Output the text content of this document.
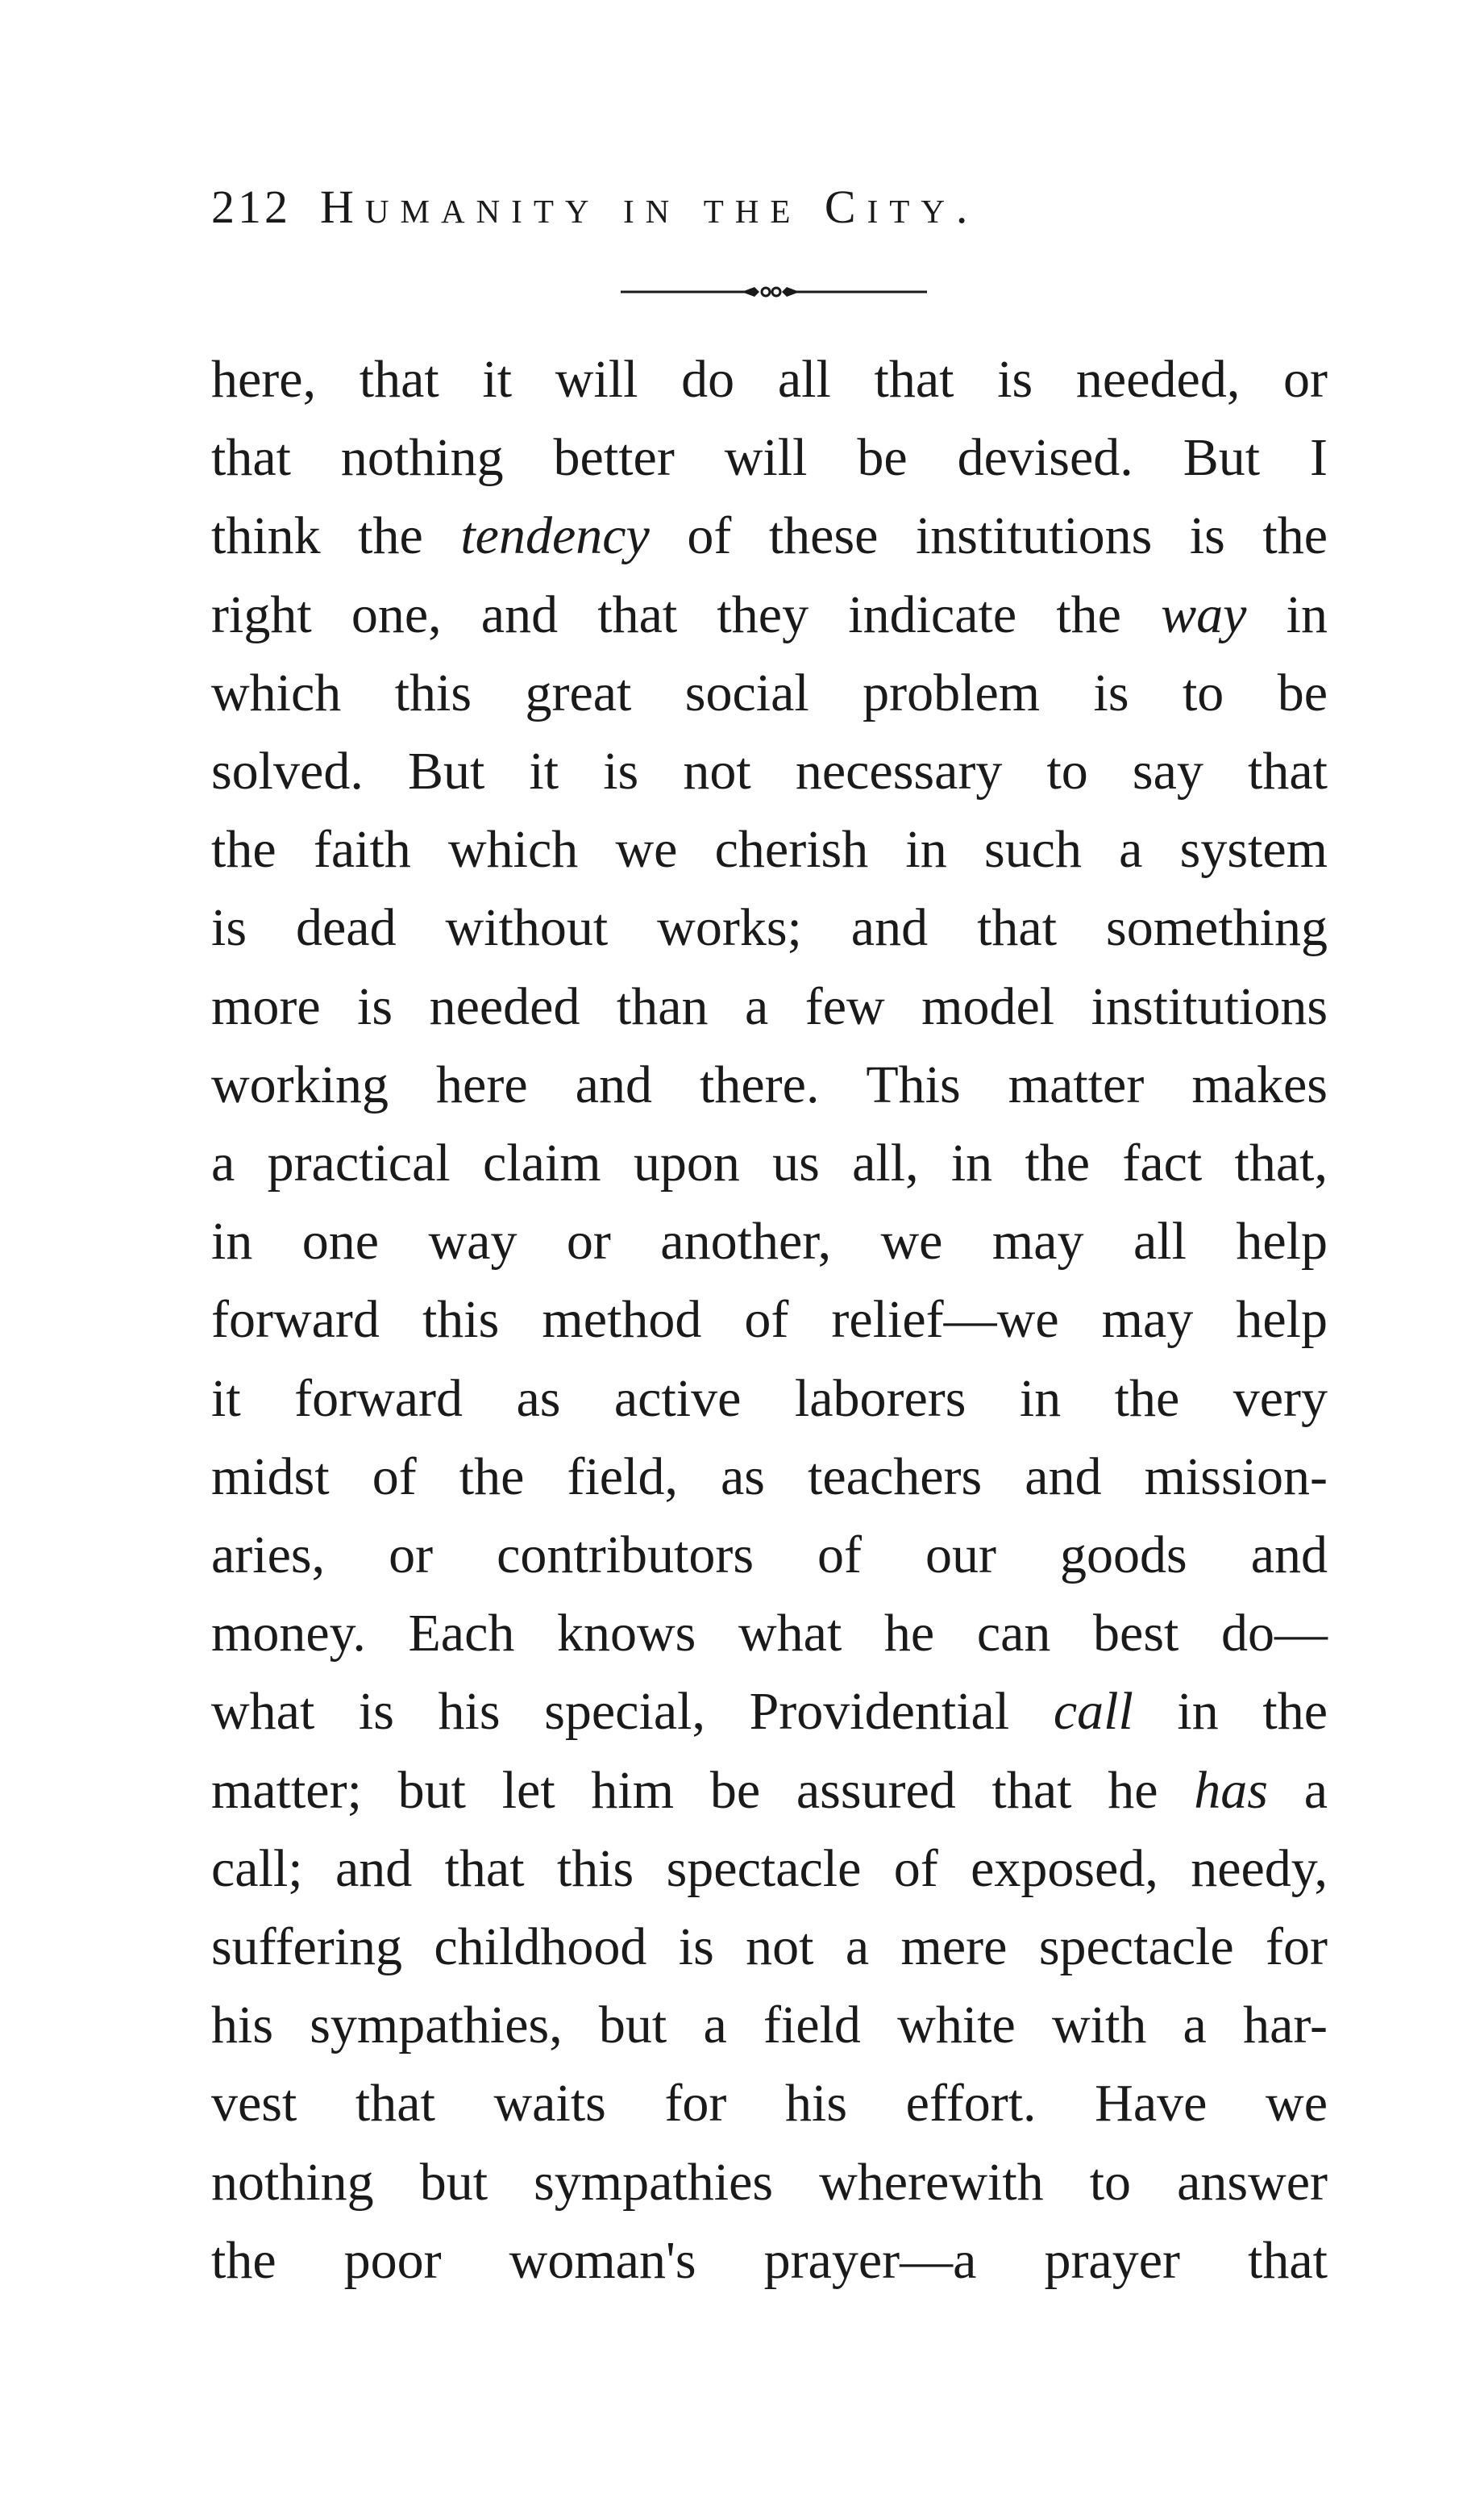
212 Humanity in the City.
here, that it will do all that is needed, or
that nothing better will be devised. But I
think the tendency of these institutions is the
right one, and that they indicate the way in
which this great social problem is to be
solved. But it is not necessary to say that
the faith which we cherish in such a system
is dead without works; and that something
more is needed than a few model institutions
working here and there. This matter makes
a practical claim upon us all, in the fact that,
in one way or another, we may all help
forward this method of relief—we may help
it forward as active laborers in the very
midst of the field, as teachers and mission-
aries, or contributors of our goods and
money. Each knows what he can best do—
what is his special, Providential call in the
matter; but let him be assured that he has a
call; and that this spectacle of exposed, needy,
suffering childhood is not a mere spectacle for
his sympathies, but a field white with a har-
vest that waits for his effort. Have we
nothing but sympathies wherewith to answer
the poor woman's prayer—a prayer that
